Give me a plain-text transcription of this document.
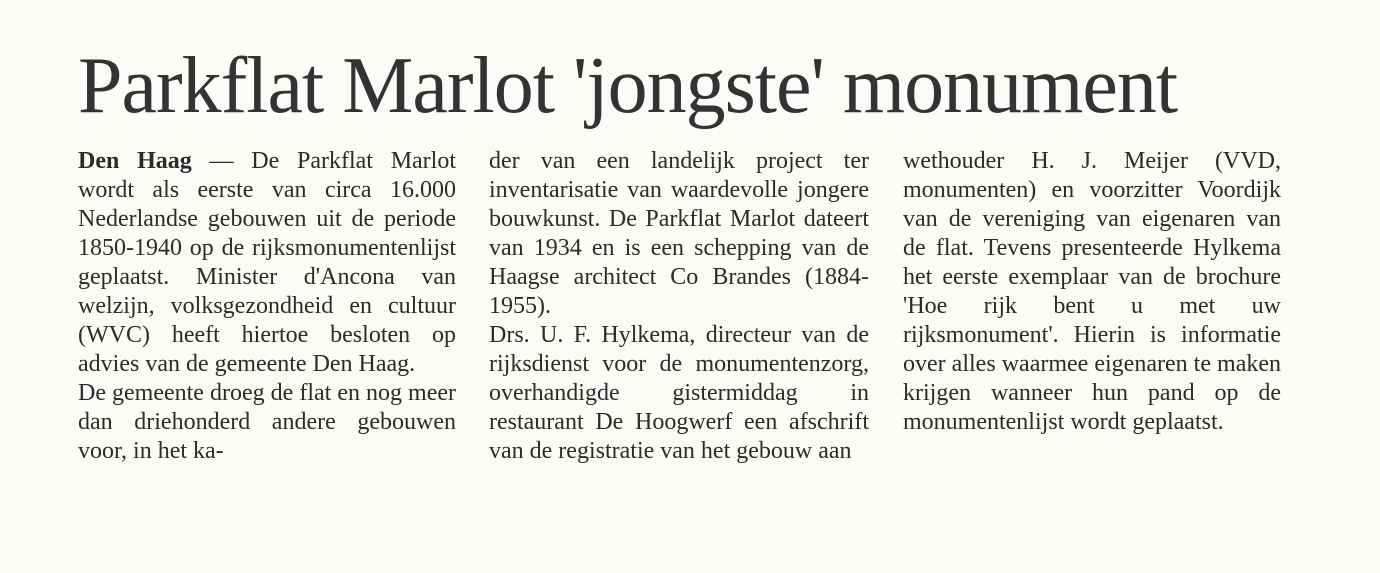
Parkflat Marlot 'jongste' monument

Den Haag — De Parkflat Marlot wordt als eerste van circa 16.000 Nederlandse gebouwen uit de periode 1850-1940 op de rijksmonumentenlijst geplaatst. Minister d'Ancona van welzijn, volksgezondheid en cultuur (WVC) heeft hiertoe besloten op advies van de gemeente Den Haag.

De gemeente droeg de flat en nog meer dan driehonderd andere gebouwen voor, in het ka-

der van een landelijk project ter inventarisatie van waardevolle jongere bouwkunst. De Parkflat Marlot dateert van 1934 en is een schepping van de Haagse architect Co Brandes (1884-1955).

Drs. U. F. Hylkema, directeur van de rijksdienst voor de monumentenzorg, overhandigde gistermiddag in restaurant De Hoogwerf een afschrift van de registratie van het gebouw aan

wethouder H. J. Meijer (VVD, monumenten) en voorzitter Voordijk van de vereniging van eigenaren van de flat. Tevens presenteerde Hylkema het eerste exemplaar van de brochure 'Hoe rijk bent u met uw rijksmonument'. Hierin is informatie over alles waarmee eigenaren te maken krijgen wanneer hun pand op de monumentenlijst wordt geplaatst.
